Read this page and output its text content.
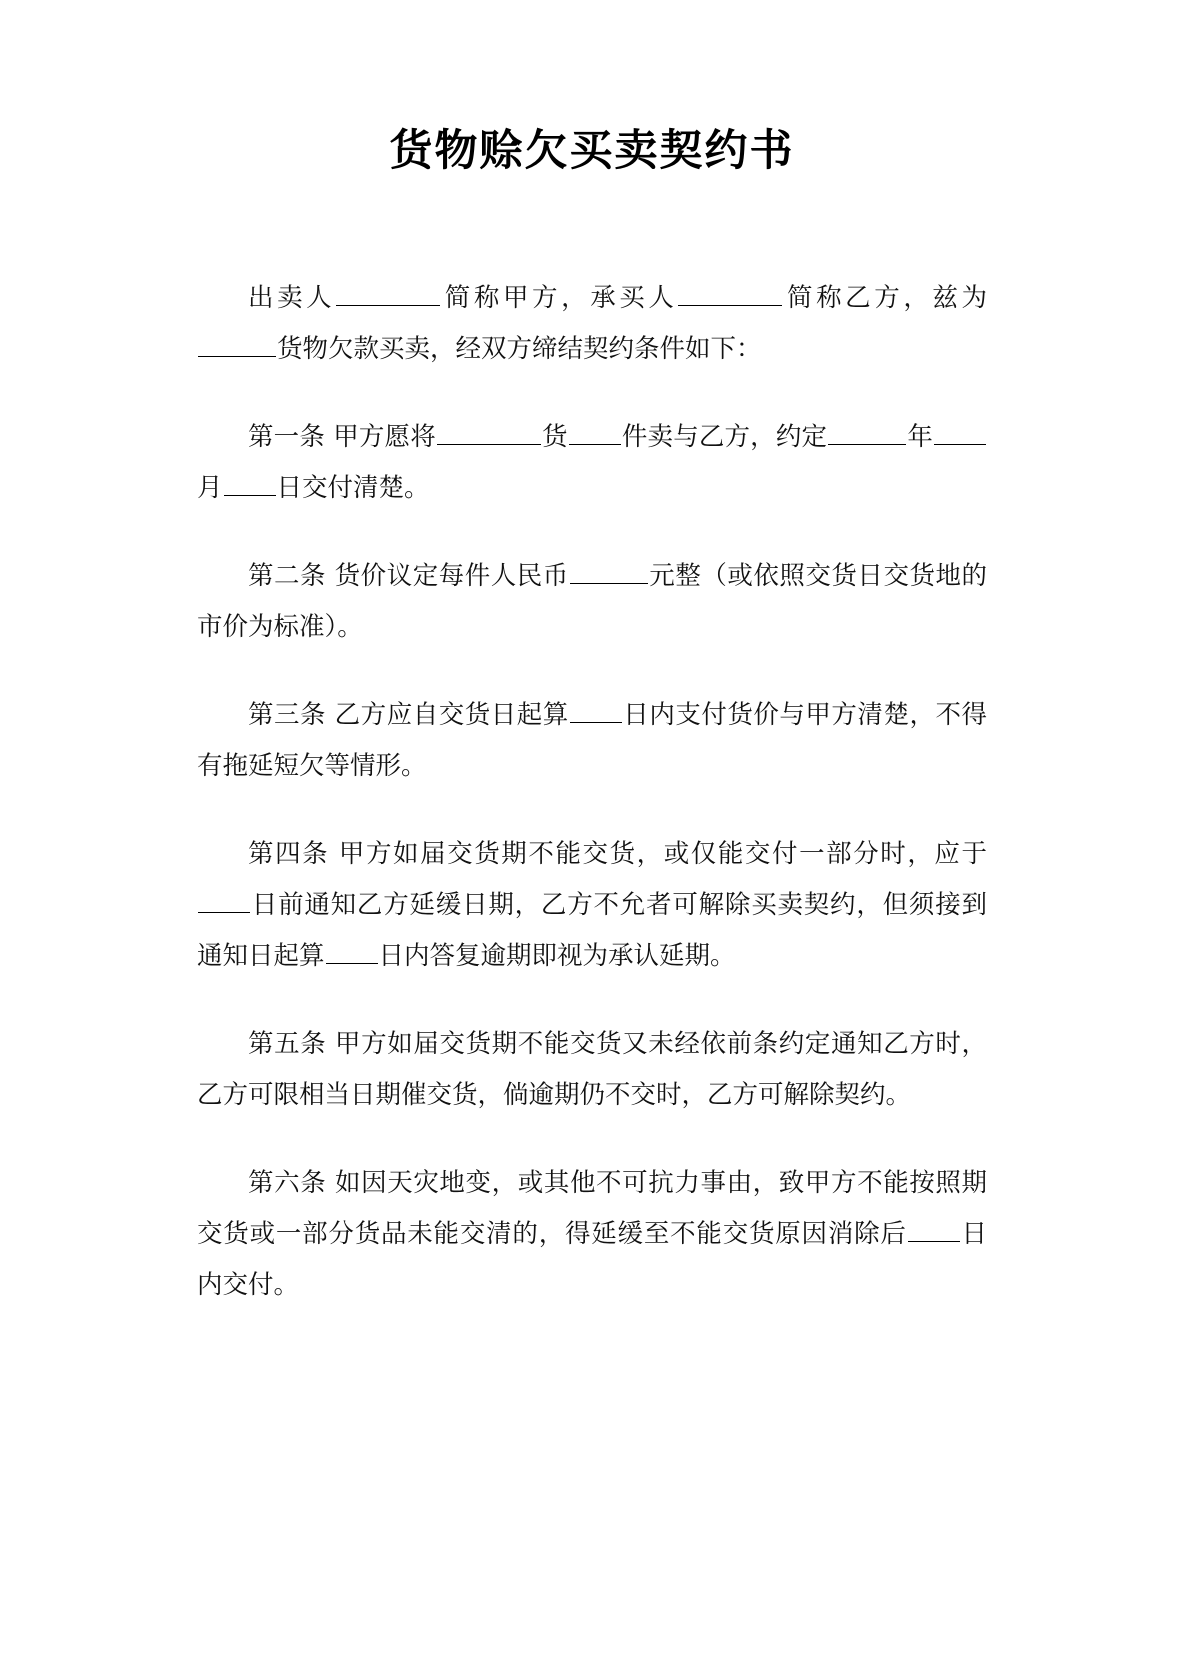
货物赊欠买卖契约书

出卖人	简称甲方，承买人	简称乙方，兹为货物欠款买卖，经双方缔结契约条件如下：

第一条 甲方愿将	货 件卖与乙方，约定	年月 日交付清楚。

第二条 货价议定每件人民币	元整（或依照交货日交货地的市价为标准）。

第三条 乙方应自交货日起算 日内支付货价与甲方清楚，不得有拖延短欠等情形。

第四条 甲方如届交货期不能交货，或仅能交付一部分时，应于日前通知乙方延缓日期，乙方不允者可解除买卖契约，但须接到通知日起算 日内答复逾期即视为承认延期。

第五条 甲方如届交货期不能交货又未经依前条约定通知乙方时，乙方可限相当日期催交货，倘逾期仍不交时，乙方可解除契约。

第六条 如因天灾地变，或其他不可抗力事由，致甲方不能按照期交货或一部分货品未能交清的，得延缓至不能交货原因消除后 日内交付。
